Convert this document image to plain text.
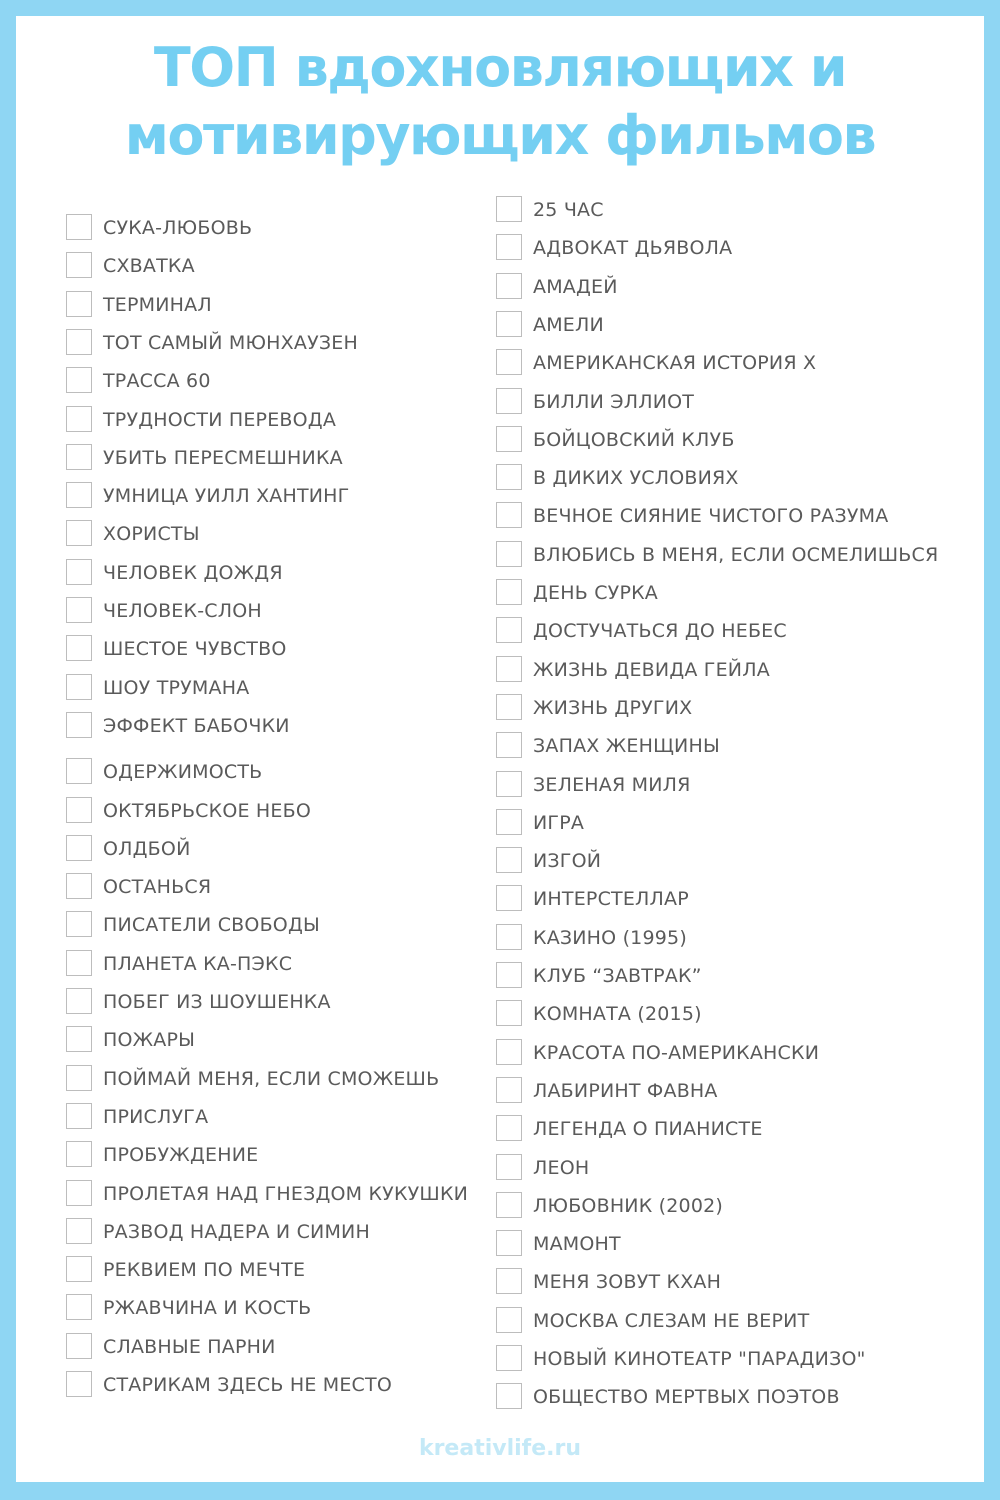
ТОП вдохновляющих и
мотивирующих фильмов
СУКА-ЛЮБОВЬ
СХВАТКА
ТЕРМИНАЛ
ТОТ САМЫЙ МЮНХАУЗЕН
ТРАССА 60
ТРУДНОСТИ ПЕРЕВОДА
УБИТЬ ПЕРЕСМЕШНИКА
УМНИЦА УИЛЛ ХАНТИНГ
ХОРИСТЫ
ЧЕЛОВЕК ДОЖДЯ
ЧЕЛОВЕК-СЛОН
ШЕСТОЕ ЧУВСТВО
ШОУ ТРУМАНА
ЭФФЕКТ БАБОЧКИ
ОДЕРЖИМОСТЬ
ОКТЯБРЬСКОЕ НЕБО
ОЛДБОЙ
ОСТАНЬСЯ
ПИСАТЕЛИ СВОБОДЫ
ПЛАНЕТА КА-ПЭКС
ПОБЕГ ИЗ ШОУШЕНКА
ПОЖАРЫ
ПОЙМАЙ МЕНЯ, ЕСЛИ СМОЖЕШЬ
ПРИСЛУГА
ПРОБУЖДЕНИЕ
ПРОЛЕТАЯ НАД ГНЕЗДОМ КУКУШКИ
РАЗВОД НАДЕРА И СИМИН
РЕКВИЕМ ПО МЕЧТЕ
РЖАВЧИНА И КОСТЬ
СЛАВНЫЕ ПАРНИ
СТАРИКАМ ЗДЕСЬ НЕ МЕСТО
25 ЧАС
АДВОКАТ ДЬЯВОЛА
АМАДЕЙ
АМЕЛИ
АМЕРИКАНСКАЯ ИСТОРИЯ Х
БИЛЛИ ЭЛЛИОТ
БОЙЦОВСКИЙ КЛУБ
В ДИКИХ УСЛОВИЯХ
ВЕЧНОЕ СИЯНИЕ ЧИСТОГО РАЗУМА
ВЛЮБИСЬ В МЕНЯ, ЕСЛИ ОСМЕЛИШЬСЯ
ДЕНЬ СУРКА
ДОСТУЧАТЬСЯ ДО НЕБЕС
ЖИЗНЬ ДЕВИДА ГЕЙЛА
ЖИЗНЬ ДРУГИХ
ЗАПАХ ЖЕНЩИНЫ
ЗЕЛЕНАЯ МИЛЯ
ИГРА
ИЗГОЙ
ИНТЕРСТЕЛЛАР
КАЗИНО (1995)
КЛУБ “ЗАВТРАК”
КОМНАТА (2015)
КРАСОТА ПО-АМЕРИКАНСКИ
ЛАБИРИНТ ФАВНА
ЛЕГЕНДА О ПИАНИСТЕ
ЛЕОН
ЛЮБОВНИК (2002)
МАМОНТ
МЕНЯ ЗОВУТ КХАН
МОСКВА СЛЕЗАМ НЕ ВЕРИТ
НОВЫЙ КИНОТЕАТР "ПАРАДИЗО"
ОБЩЕСТВО МЕРТВЫХ ПОЭТОВ
kreativlife.ru
